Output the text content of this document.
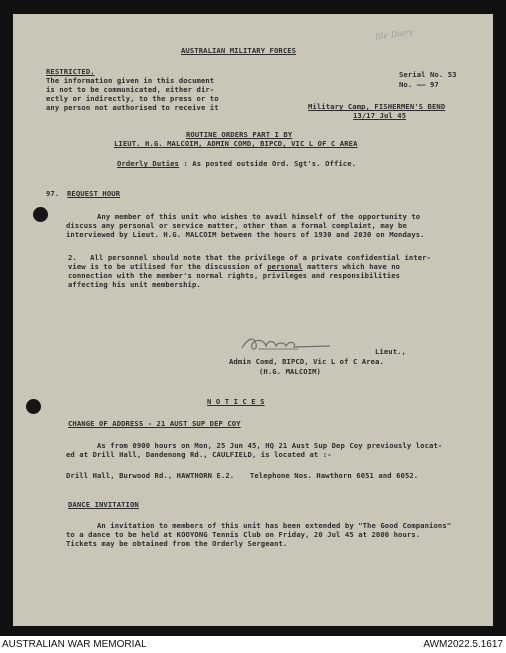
file Diary
AUSTRALIAN MILITARY FORCES
RESTRICTED.
The information given in this document
is not to be communicated, either dir-
ectly or indirectly, to the press or to
any person not authorised to receive it
Serial No. 53
No. —— 97
Military Camp, FISHERMEN'S BEND
13/17 Jul 45
ROUTINE ORDERS PART I BY
LIEUT. H.G. MALCOIM, ADMIN COMD, BIPCD, VIC L OF C AREA
Orderly Duties : As posted outside Ord. Sgt's. Office.
97. REQUEST HOUR
Any member of this unit who wishes to avail himself of the opportunity to
discuss any personal or service matter, other than a formal complaint, may be
interviewed by Lieut. H.G. MALCOIM between the hours of 1930 and 2030 on Mondays.
2.   All personnel should note that the privilege of a private confidential inter-
view is to be utilised for the discussion of personal matters which have no
connection with the member's normal rights, privileges and responsibilities
affecting his unit membership.
Lieut.,
Admin Comd, BIPCD, Vic L of C Area.
(H.G. MALCOIM)
N O T I C E S
CHANGE OF ADDRESS - 21 AUST SUP DEP COY
As from 0900 hours on Mon, 25 Jun 45, HQ 21 Aust Sup Dep Coy previously locat-
ed at Drill Hall, Dandenong Rd., CAULFIELD, is located at :-
Drill Hall, Burwood Rd., HAWTHORN E.2. Telephone Nos. Hawthorn 6051 and 6052.
DANCE INVITATION
An invitation to members of this unit has been extended by "The Good Companions"
to a dance to be held at KOOYONG Tennis Club on Friday, 20 Jul 45 at 2000 hours.
Tickets may be obtained from the Orderly Sergeant.
AUSTRALIAN WAR MEMORIAL	AWM2022.5.1617
